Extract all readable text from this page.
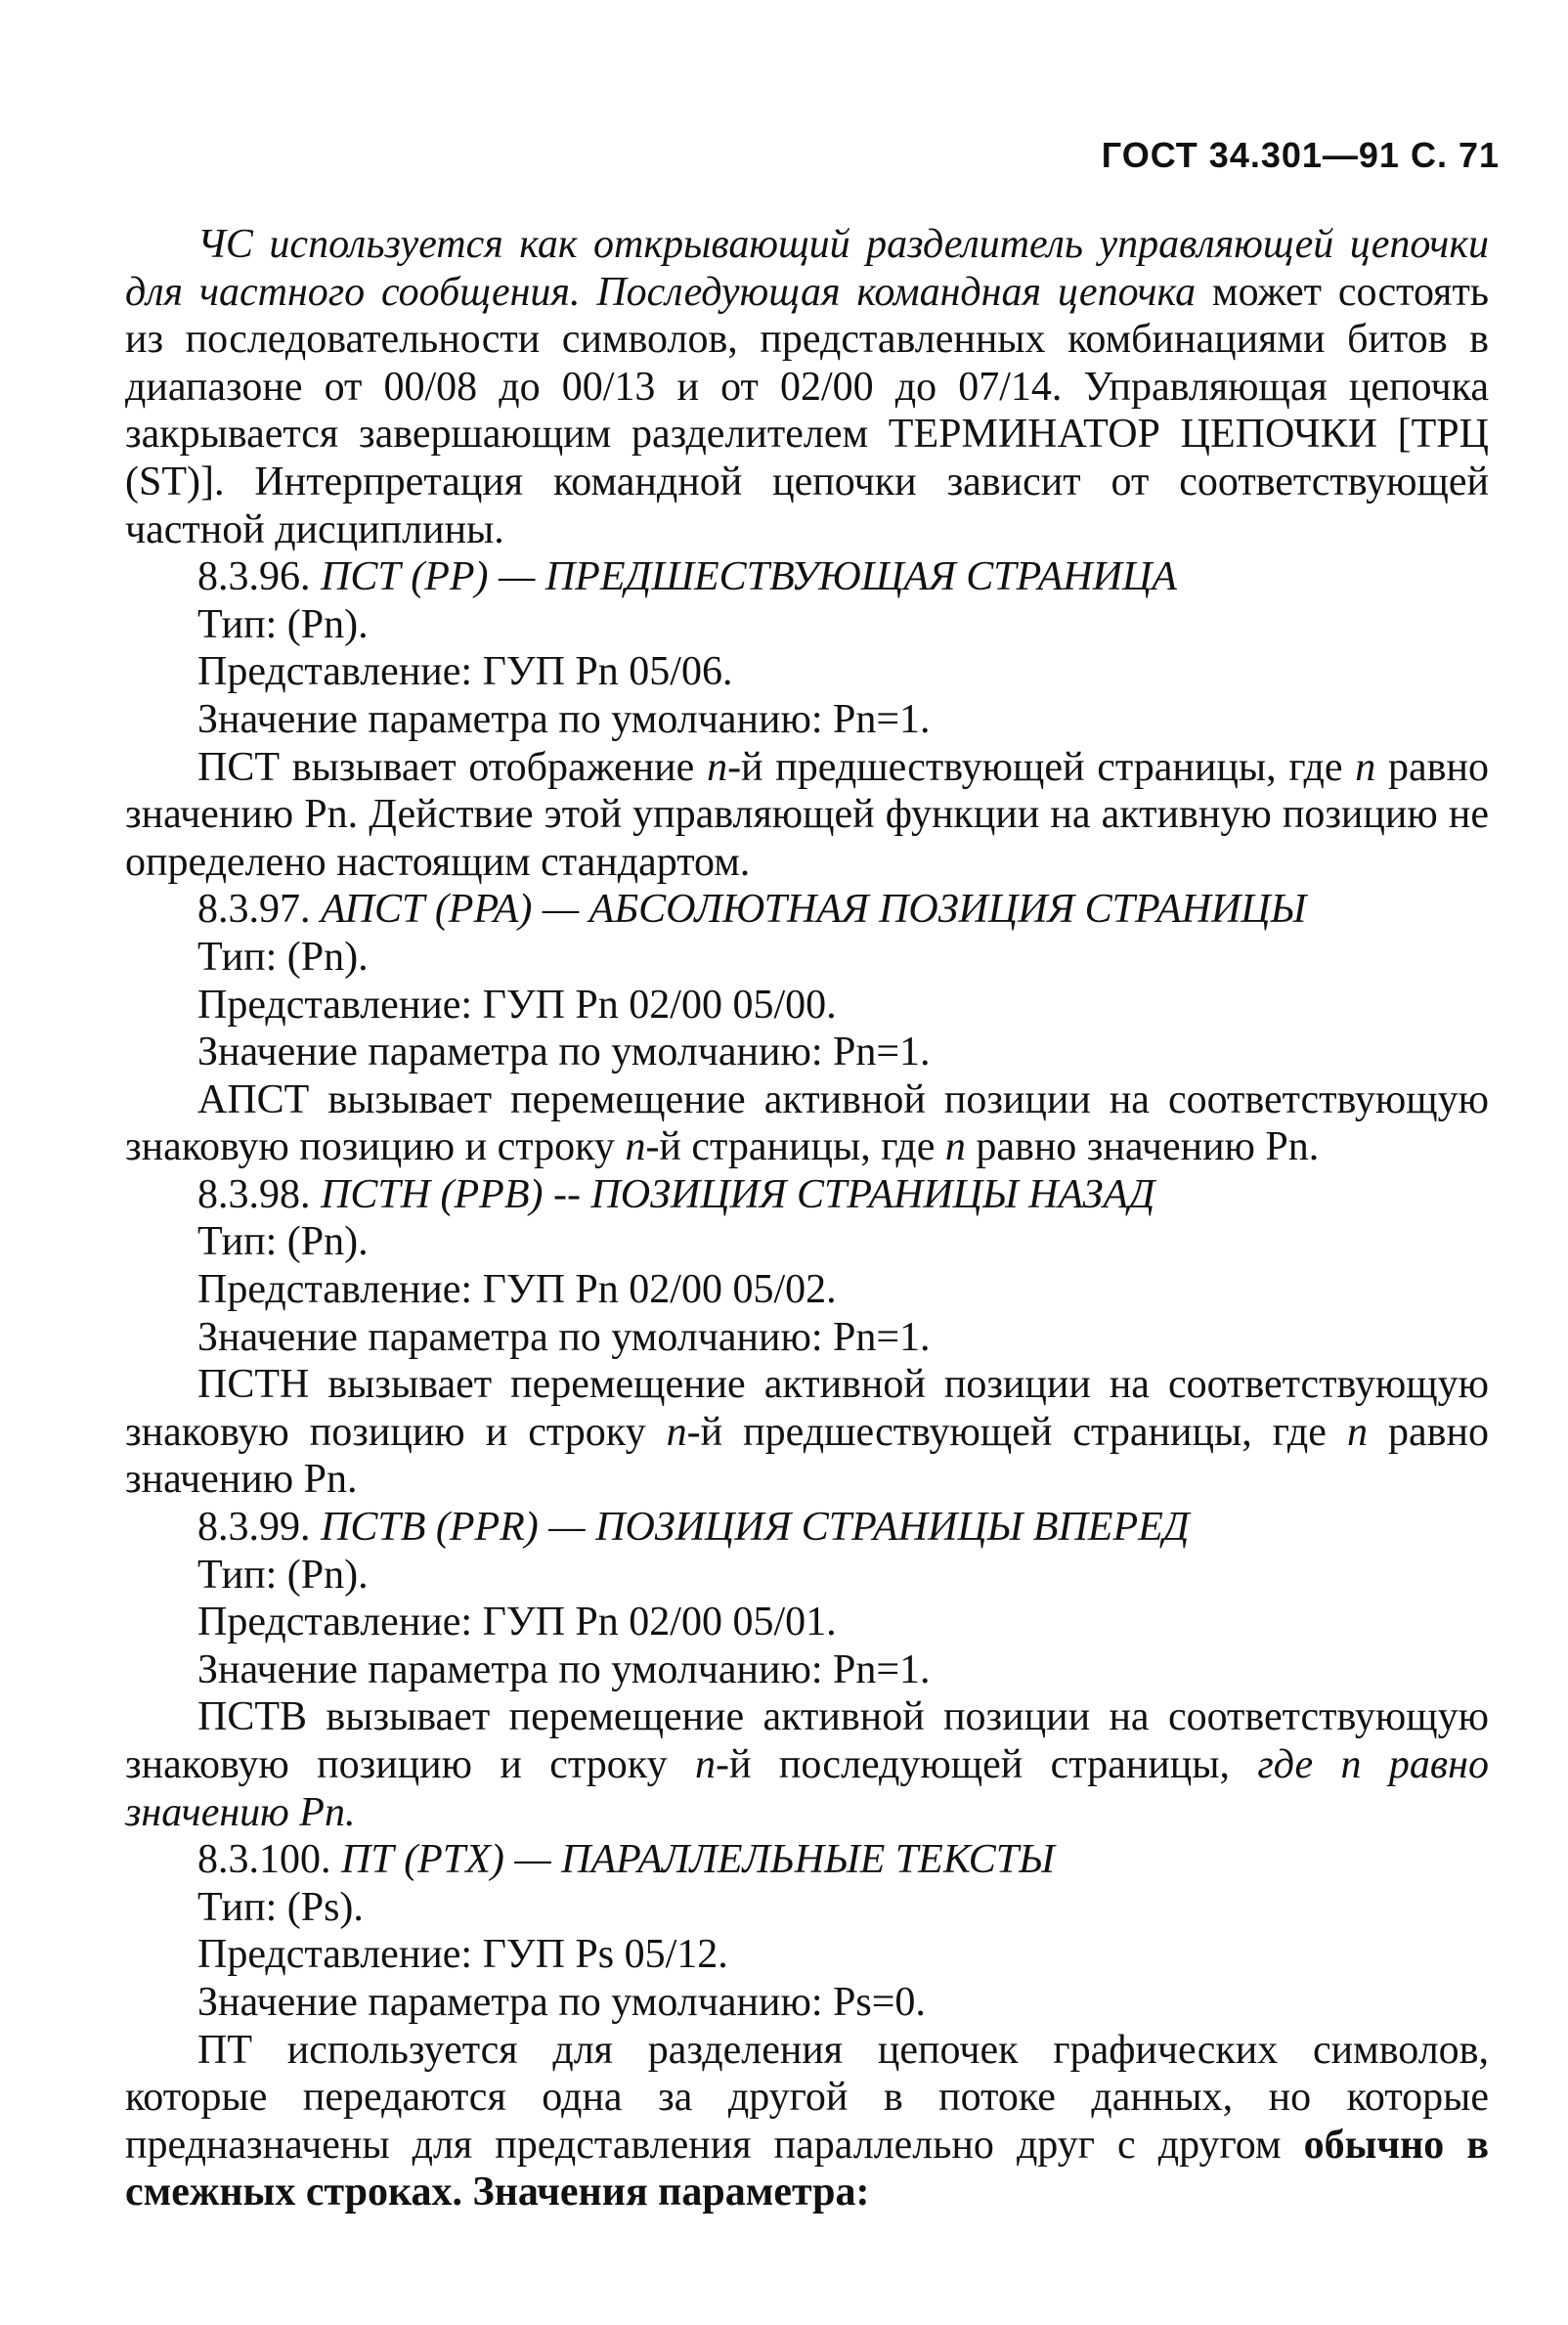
ГОСТ 34.301—91 С. 71

ЧС используется как открывающий разделитель управляющей цепочки для частного сообщения. Последующая командная цепочка может состоять из последовательности символов, представленных комбинациями битов в диапазоне от 00/08 до 00/13 и от 02/00 до 07/14. Управляющая цепочка закрывается завершающим разделителем ТЕРМИНАТОР ЦЕПОЧКИ [ТРЦ (ST)]. Интерпретация командной цепочки зависит от соответствующей частной дисциплины.

8.3.96. ПСТ (PP) — ПРЕДШЕСТВУЮЩАЯ СТРАНИЦА

Тип: (Pn).

Представление: ГУП Pn 05/06.

Значение параметра по умолчанию: Pn=1.

ПСТ вызывает отображение n-й предшествующей страницы, где n равно значению Pn. Действие этой управляющей функции на активную позицию не определено настоящим стандартом.

8.3.97. АПСТ (PPA) — АБСОЛЮТНАЯ ПОЗИЦИЯ СТРАНИЦЫ

Тип: (Pn).

Представление: ГУП Pn 02/00 05/00.

Значение параметра по умолчанию: Pn=1.

АПСТ вызывает перемещение активной позиции на соответствующую знаковую позицию и строку n-й страницы, где n равно значению Pn.

8.3.98. ПСТН (PPB) -- ПОЗИЦИЯ СТРАНИЦЫ НАЗАД

Тип: (Pn).

Представление: ГУП Pn 02/00 05/02.

Значение параметра по умолчанию: Pn=1.

ПСТН вызывает перемещение активной позиции на соответствующую знаковую позицию и строку n-й предшествующей страницы, где n равно значению Pn.

8.3.99. ПСТВ (PPR) — ПОЗИЦИЯ СТРАНИЦЫ ВПЕРЕД

Тип: (Pn).

Представление: ГУП Pn 02/00 05/01.

Значение параметра по умолчанию: Pn=1.

ПСТВ вызывает перемещение активной позиции на соответствующую знаковую позицию и строку n-й последующей страницы, где n равно значению Pn.

8.3.100. ПТ (PTX) — ПАРАЛЛЕЛЬНЫЕ ТЕКСТЫ

Тип: (Ps).

Представление: ГУП Ps 05/12.

Значение параметра по умолчанию: Ps=0.

ПТ используется для разделения цепочек графических символов, которые передаются одна за другой в потоке данных, но которые предназначены для представления параллельно друг с другом обычно в смежных строках. Значения параметра:
